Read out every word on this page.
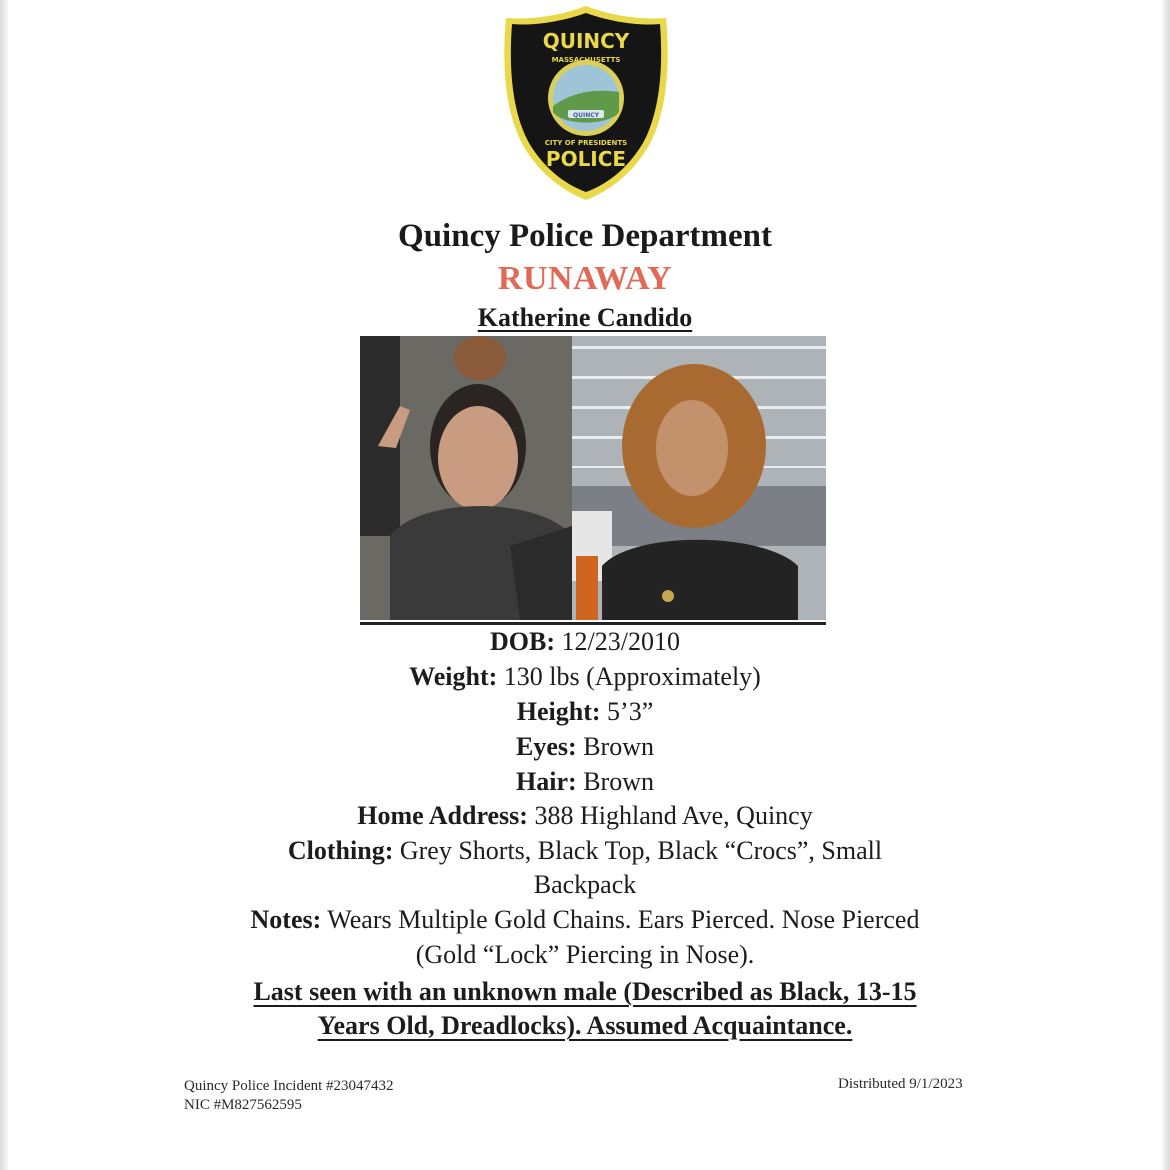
QUINCY
MASSACHUSETTS
QUINCY
CITY OF PRESIDENTS
POLICE
Quincy Police Department
RUNAWAY
Katherine Candido
DOB: 12/23/2010
Weight: 130 lbs (Approximately)
Height: 5’3”
Eyes: Brown
Hair: Brown
Home Address: 388 Highland Ave, Quincy
Clothing: Grey Shorts, Black Top, Black “Crocs”, Small
Backpack
Notes: Wears Multiple Gold Chains. Ears Pierced. Nose Pierced
(Gold “Lock” Piercing in Nose).
Last seen with an unknown male (Described as Black, 13-15
Years Old, Dreadlocks). Assumed Acquaintance.
Quincy Police Incident #23047432
NIC #M827562595
Distributed 9/1/2023
